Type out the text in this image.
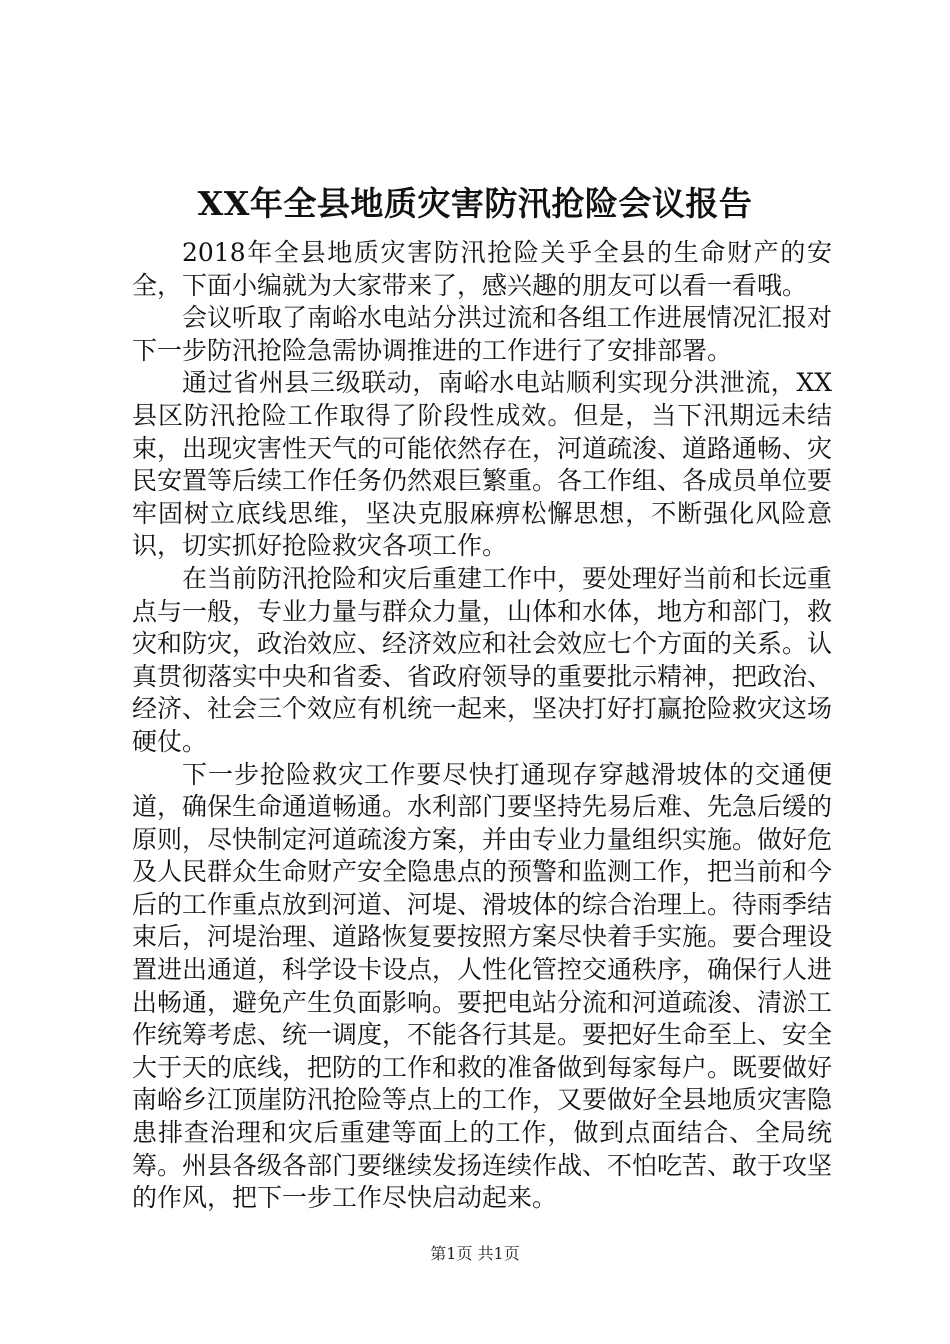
XX年全县地质灾害防汛抢险会议报告

2018年全县地质灾害防汛抢险关乎全县的生命财产的安全，下面小编就为大家带来了，感兴趣的朋友可以看一看哦。

会议听取了南峪水电站分洪过流和各组工作进展情况汇报对下一步防汛抢险急需协调推进的工作进行了安排部署。

通过省州县三级联动，南峪水电站顺利实现分洪泄流，XX县区防汛抢险工作取得了阶段性成效。但是，当下汛期远未结束，出现灾害性天气的可能依然存在，河道疏浚、道路通畅、灾民安置等后续工作任务仍然艰巨繁重。各工作组、各成员单位要牢固树立底线思维，坚决克服麻痹松懈思想，不断强化风险意识，切实抓好抢险救灾各项工作。

在当前防汛抢险和灾后重建工作中，要处理好当前和长远重点与一般，专业力量与群众力量，山体和水体，地方和部门，救灾和防灾，政治效应、经济效应和社会效应七个方面的关系。认真贯彻落实中央和省委、省政府领导的重要批示精神，把政治、经济、社会三个效应有机统一起来，坚决打好打赢抢险救灾这场硬仗。

下一步抢险救灾工作要尽快打通现存穿越滑坡体的交通便道，确保生命通道畅通。水利部门要坚持先易后难、先急后缓的原则，尽快制定河道疏浚方案，并由专业力量组织实施。做好危及人民群众生命财产安全隐患点的预警和监测工作，把当前和今后的工作重点放到河道、河堤、滑坡体的综合治理上。待雨季结束后，河堤治理、道路恢复要按照方案尽快着手实施。要合理设置进出通道，科学设卡设点，人性化管控交通秩序，确保行人进出畅通，避免产生负面影响。要把电站分流和河道疏浚、清淤工作统筹考虑、统一调度，不能各行其是。要把好生命至上、安全大于天的底线，把防的工作和救的准备做到每家每户。既要做好南峪乡江顶崖防汛抢险等点上的工作，又要做好全县地质灾害隐患排查治理和灾后重建等面上的工作，做到点面结合、全局统筹。州县各级各部门要继续发扬连续作战、不怕吃苦、敢于攻坚的作风，把下一步工作尽快启动起来。

第1页 共1页
